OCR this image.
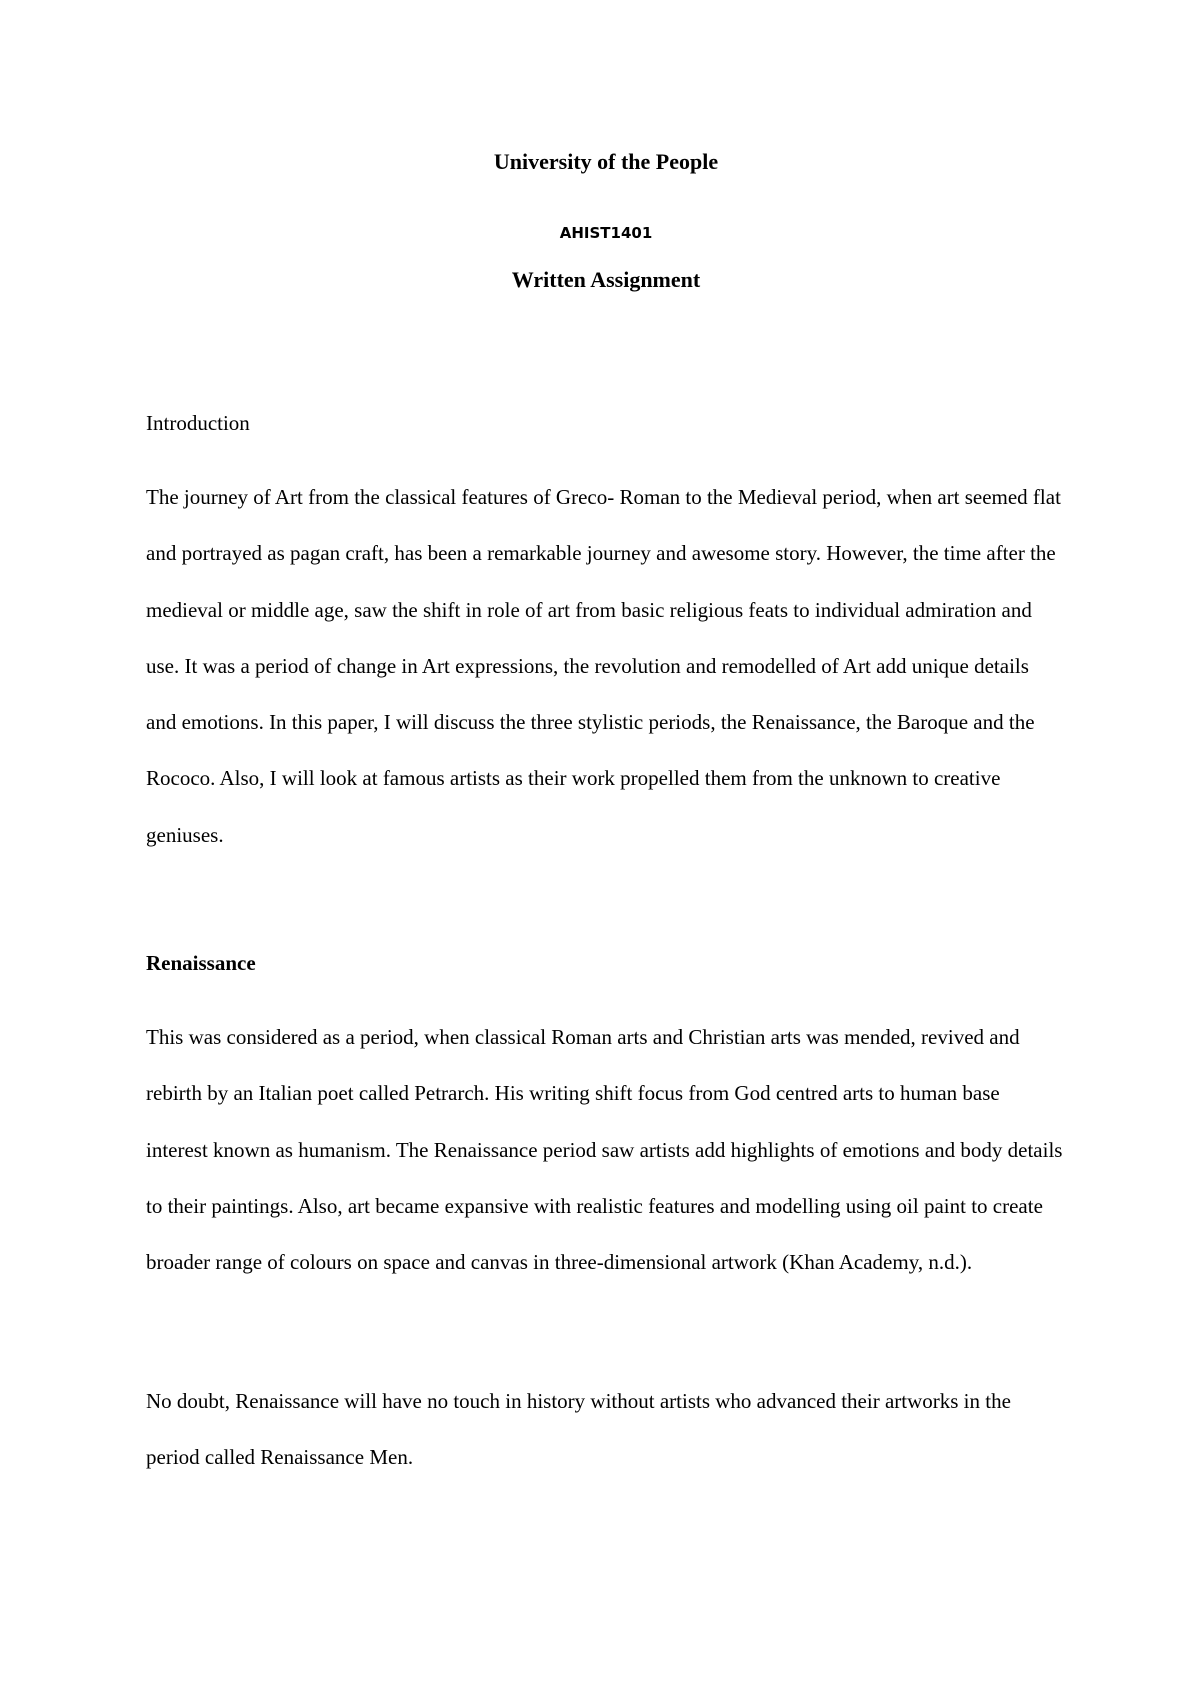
University of the People
AHIST1401
Written Assignment
Introduction

The journey of Art from the classical features of Greco- Roman to the Medieval period, when art seemed flat and portrayed as pagan craft, has been a remarkable journey and awesome story. However, the time after the medieval or middle age, saw the shift in role of art from basic religious feats to individual admiration and use. It was a period of change in Art expressions, the revolution and remodelled of Art add unique details and emotions. In this paper, I will discuss the three stylistic periods, the Renaissance, the Baroque and the Rococo. Also, I will look at famous artists as their work propelled them from the unknown to creative geniuses.

Renaissance

This was considered as a period, when classical Roman arts and Christian arts was mended, revived and rebirth by an Italian poet called Petrarch. His writing shift focus from God centred arts to human base interest known as humanism. The Renaissance period saw artists add highlights of emotions and body details to their paintings. Also, art became expansive with realistic features and modelling using oil paint to create broader range of colours on space and canvas in three-dimensional artwork (Khan Academy, n.d.).

No doubt, Renaissance will have no touch in history without artists who advanced their artworks in the period called Renaissance Men.
